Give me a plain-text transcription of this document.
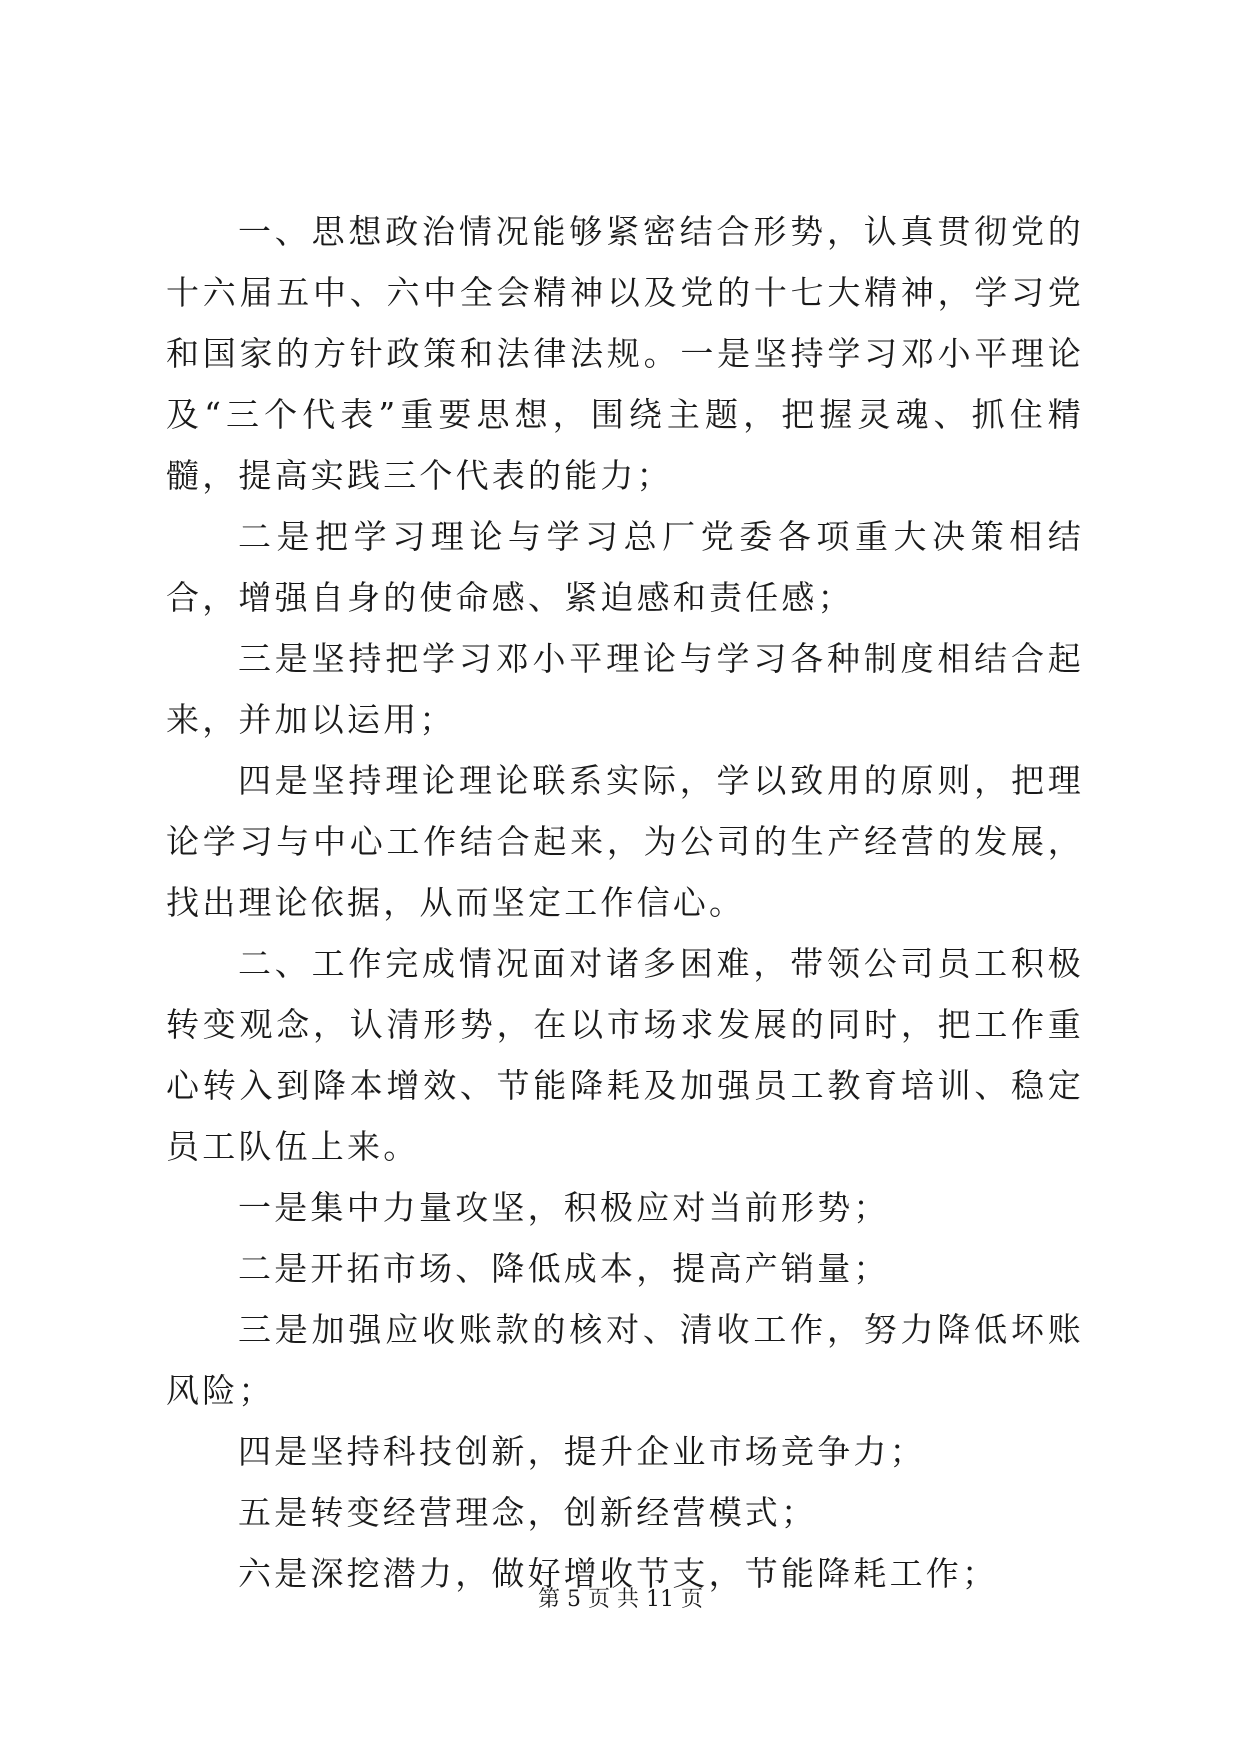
一、思想政治情况能够紧密结合形势，认真贯彻党的十六届五中、六中全会精神以及党的十七大精神，学习党和国家的方针政策和法律法规。一是坚持学习邓小平理论及“三个代表”重要思想，围绕主题，把握灵魂、抓住精髓，提高实践三个代表的能力；

二是把学习理论与学习总厂党委各项重大决策相结合，增强自身的使命感、紧迫感和责任感；

三是坚持把学习邓小平理论与学习各种制度相结合起来，并加以运用；

四是坚持理论理论联系实际，学以致用的原则，把理论学习与中心工作结合起来，为公司的生产经营的发展，找出理论依据，从而坚定工作信心。

二、工作完成情况面对诸多困难，带领公司员工积极转变观念，认清形势，在以市场求发展的同时，把工作重心转入到降本增效、节能降耗及加强员工教育培训、稳定员工队伍上来。

一是集中力量攻坚，积极应对当前形势；

二是开拓市场、降低成本，提高产销量；

三是加强应收账款的核对、清收工作，努力降低坏账风险；

四是坚持科技创新，提升企业市场竞争力；

五是转变经营理念，创新经营模式；

六是深挖潜力，做好增收节支，节能降耗工作；

第 5 页 共 11 页
